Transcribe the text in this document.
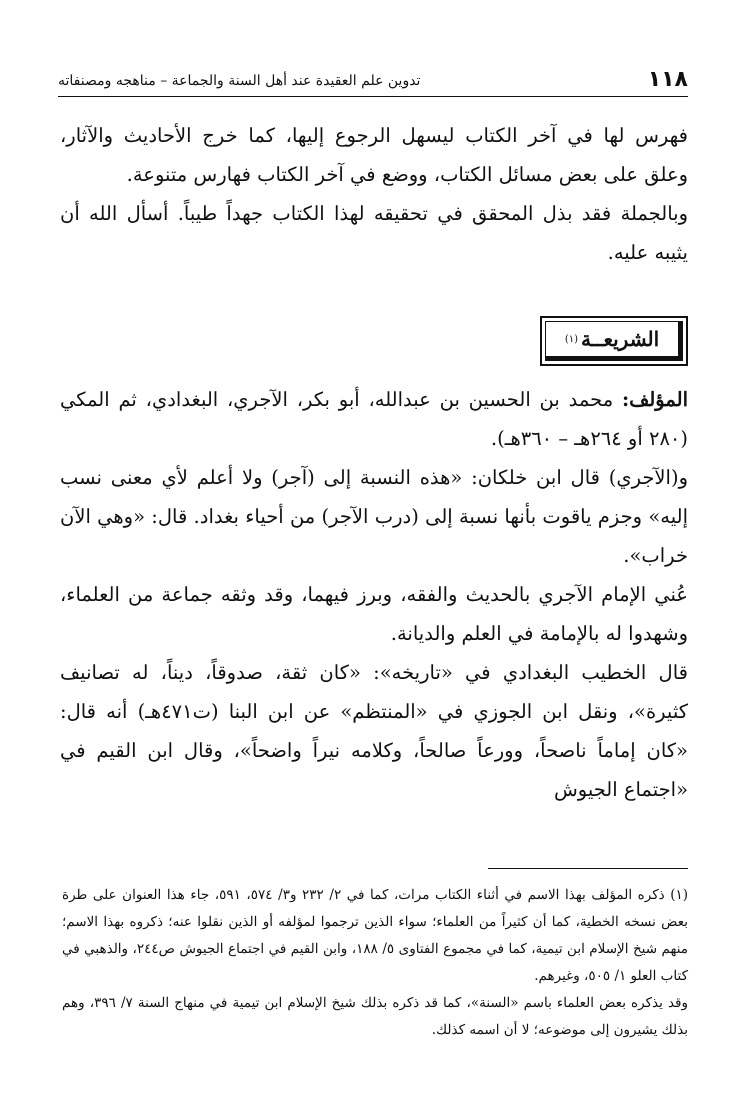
١١٨
تدوين علم العقيدة عند أهل السنة والجماعة – مناهجه ومصنفاته

فهرس لها في آخر الكتاب ليسهل الرجوع إليها، كما خرج الأحاديث والآثار، وعلق على بعض مسائل الكتاب، ووضع في آخر الكتاب فهارس متنوعة.

وبالجملة فقد بذل المحقق في تحقيقه لهذا الكتاب جهداً طيباً. أسأل الله أن يثيبه عليه.

الشريعــة
(١)

المؤلف: محمد بن الحسين بن عبدالله، أبو بكر، الآجري، البغدادي، ثم المكي (٢٨٠ أو ٢٦٤هـ – ٣٦٠هـ).

و(الآجري) قال ابن خلكان: «هذه النسبة إلى (آجر) ولا أعلم لأي معنى نسب إليه» وجزم ياقوت بأنها نسبة إلى (درب الآجر) من أحياء بغداد. قال: «وهي الآن خراب».

عُني الإمام الآجري بالحديث والفقه، وبرز فيهما، وقد وثقه جماعة من العلماء، وشهدوا له بالإمامة في العلم والديانة.

قال الخطيب البغدادي في «تاريخه»: «كان ثقة، صدوقاً، ديناً، له تصانيف كثيرة»، ونقل ابن الجوزي في «المنتظم» عن ابن البنا (ت٤٧١هـ) أنه قال: «كان إماماً ناصحاً، وورعاً صالحاً، وكلامه نيراً واضحاً»، وقال ابن القيم في «اجتماع الجيوش

(١) ذكره المؤلف بهذا الاسم في أثناء الكتاب مرات، كما في ٢/ ٢٣٢ و٣/ ٥٧٤، ٥٩١، جاء هذا العنوان على طرة بعض نسخه الخطية، كما أن كثيراً من العلماء؛ سواء الذين ترجموا لمؤلفه أو الذين نقلوا عنه؛ ذكروه بهذا الاسم؛ منهم شيخ الإسلام ابن تيمية، كما في مجموع الفتاوى ٥/ ١٨٨، وابن القيم في اجتماع الجيوش ص٢٤٤، والذهبي في كتاب العلو ١/ ٥٠٥، وغيرهم.

وقد يذكره بعض العلماء باسم «السنة»، كما قد ذكره بذلك شيخ الإسلام ابن تيمية في منهاج السنة ٧/ ٣٩٦، وهم بذلك يشيرون إلى موضوعه؛ لا أن اسمه كذلك.
